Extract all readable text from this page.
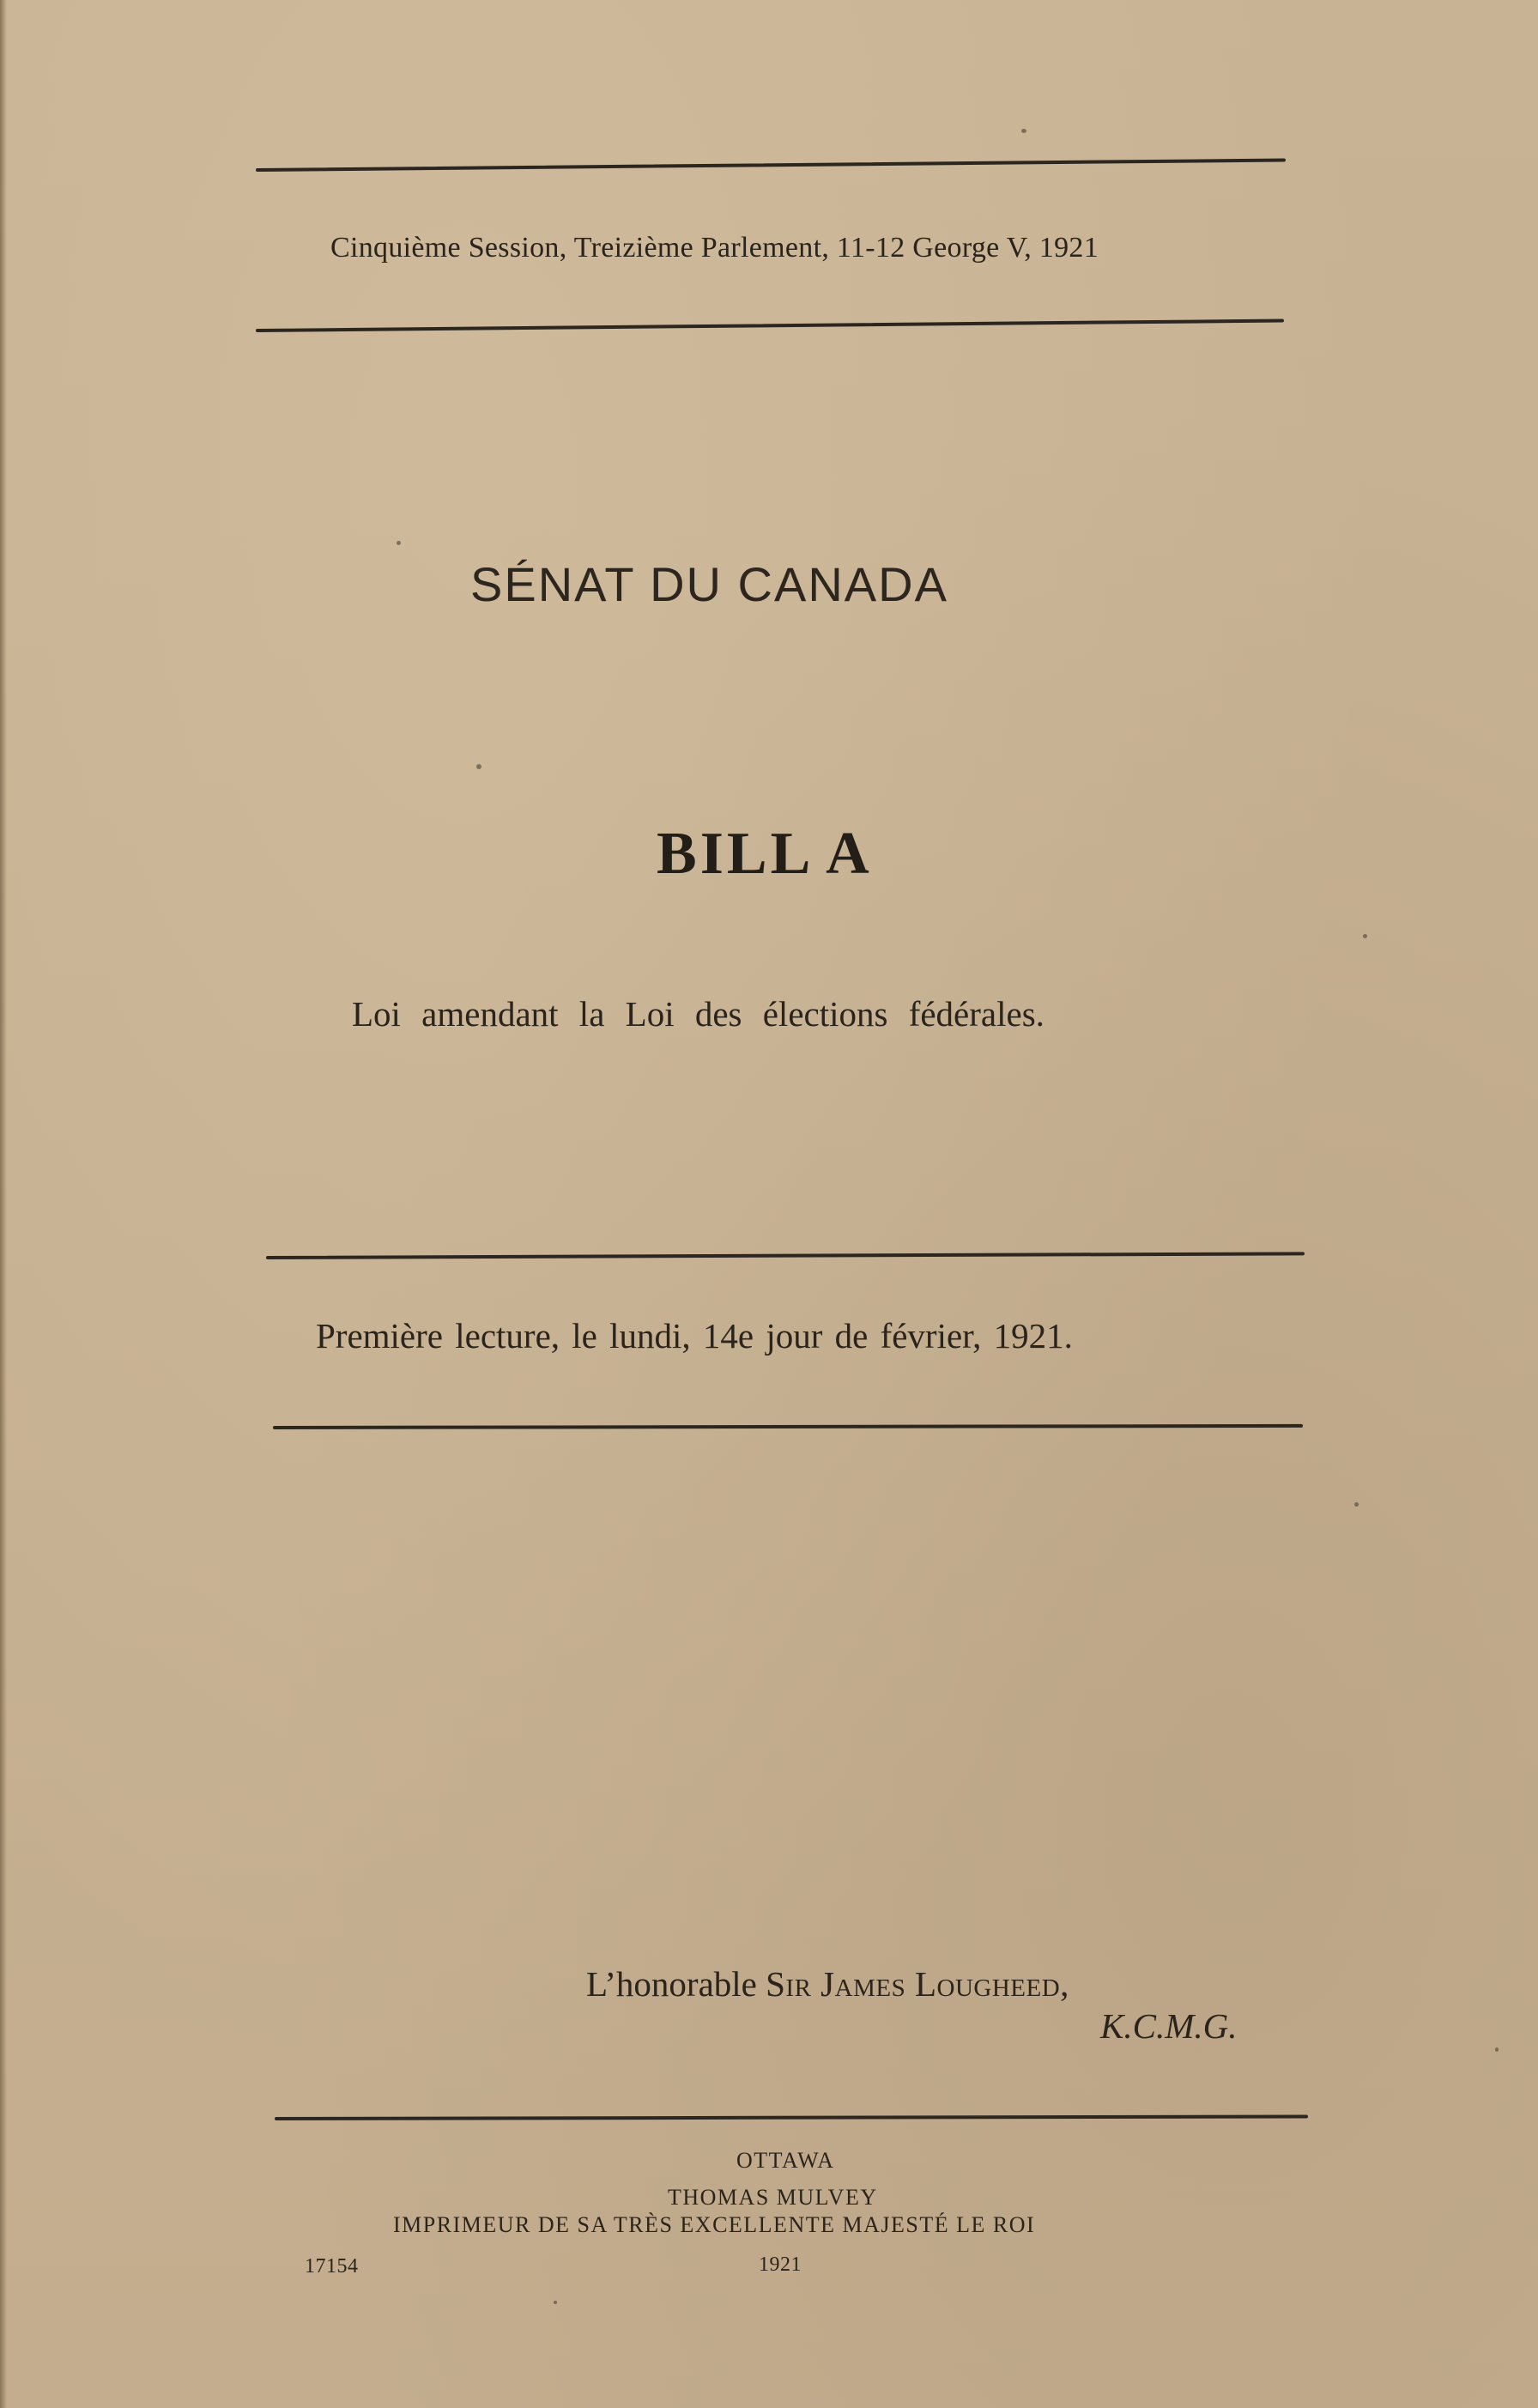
Cinquième Session, Treizième Parlement, 11-12 George V, 1921
SÉNAT DU CANADA
BILL A
Loi amendant la Loi des élections fédérales.
Première lecture, le lundi, 14e jour de février, 1921.
L’honorable Sir James Lougheed,
K.C.M.G.
OTTAWA
THOMAS MULVEY
IMPRIMEUR DE SA TRÈS EXCELLENTE MAJESTÉ LE ROI
17154	1921
